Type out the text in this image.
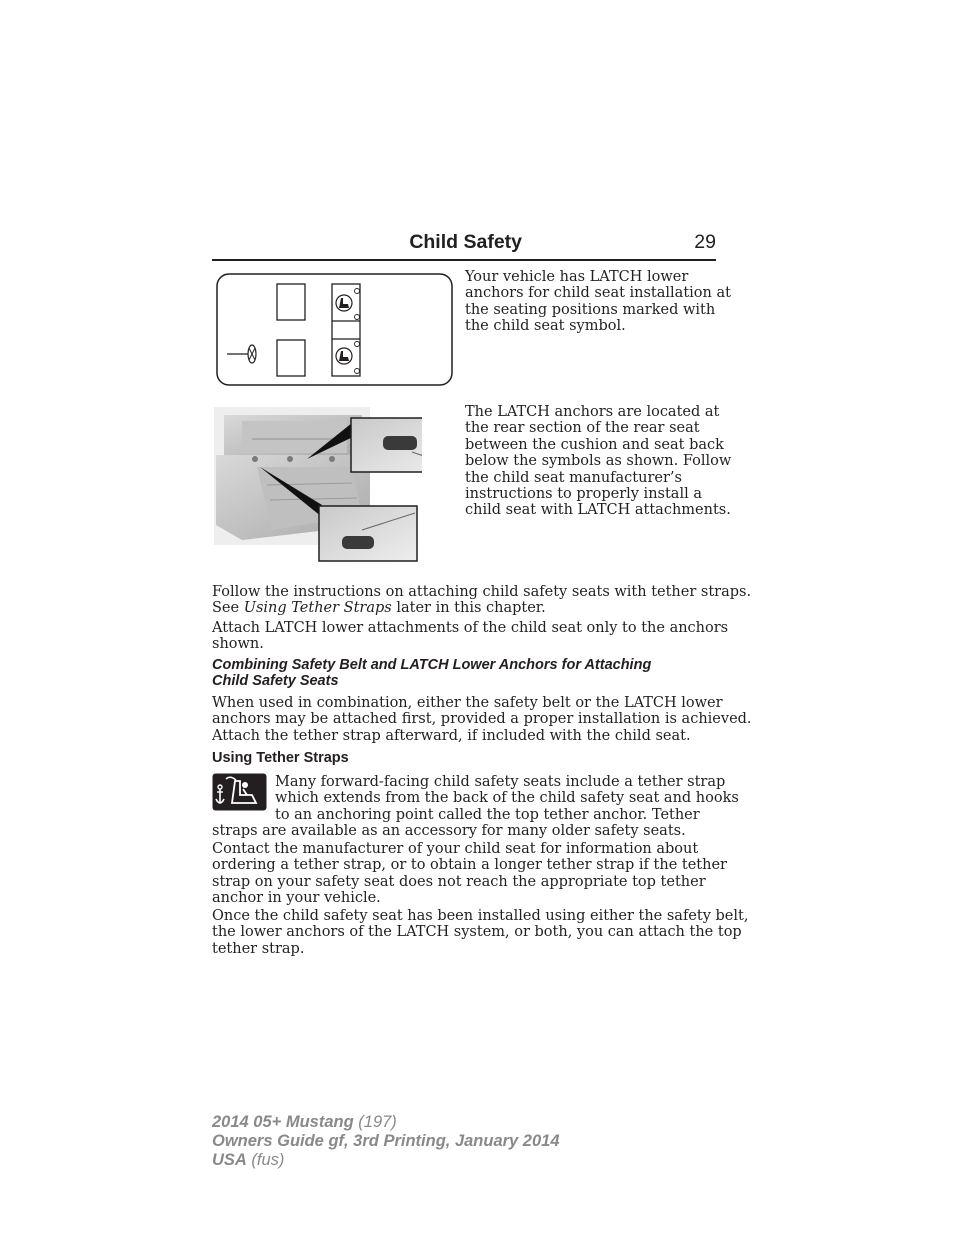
Child Safety	29
Your vehicle has LATCH lower
anchors for child seat installation at
the seating positions marked with
the child seat symbol.
The LATCH anchors are located at
the rear section of the rear seat
between the cushion and seat back
below the symbols as shown. Follow
the child seat manufacturer’s
instructions to properly install a
child seat with LATCH attachments.
Follow the instructions on attaching child safety seats with tether straps.
See Using Tether Straps later in this chapter.
Attach LATCH lower attachments of the child seat only to the anchors
shown.
Combining Safety Belt and LATCH Lower Anchors for Attaching
Child Safety Seats
When used in combination, either the safety belt or the LATCH lower
anchors may be attached first, provided a proper installation is achieved.
Attach the tether strap afterward, if included with the child seat.
Using Tether Straps
Many forward-facing child safety seats include a tether strap
which extends from the back of the child safety seat and hooks
to an anchoring point called the top tether anchor. Tether
straps are available as an accessory for many older safety seats.
Contact the manufacturer of your child seat for information about
ordering a tether strap, or to obtain a longer tether strap if the tether
strap on your safety seat does not reach the appropriate top tether
anchor in your vehicle.
Once the child safety seat has been installed using either the safety belt,
the lower anchors of the LATCH system, or both, you can attach the top
tether strap.
2014 05+ Mustang (197)
Owners Guide gf, 3rd Printing, January 2014
USA (fus)
